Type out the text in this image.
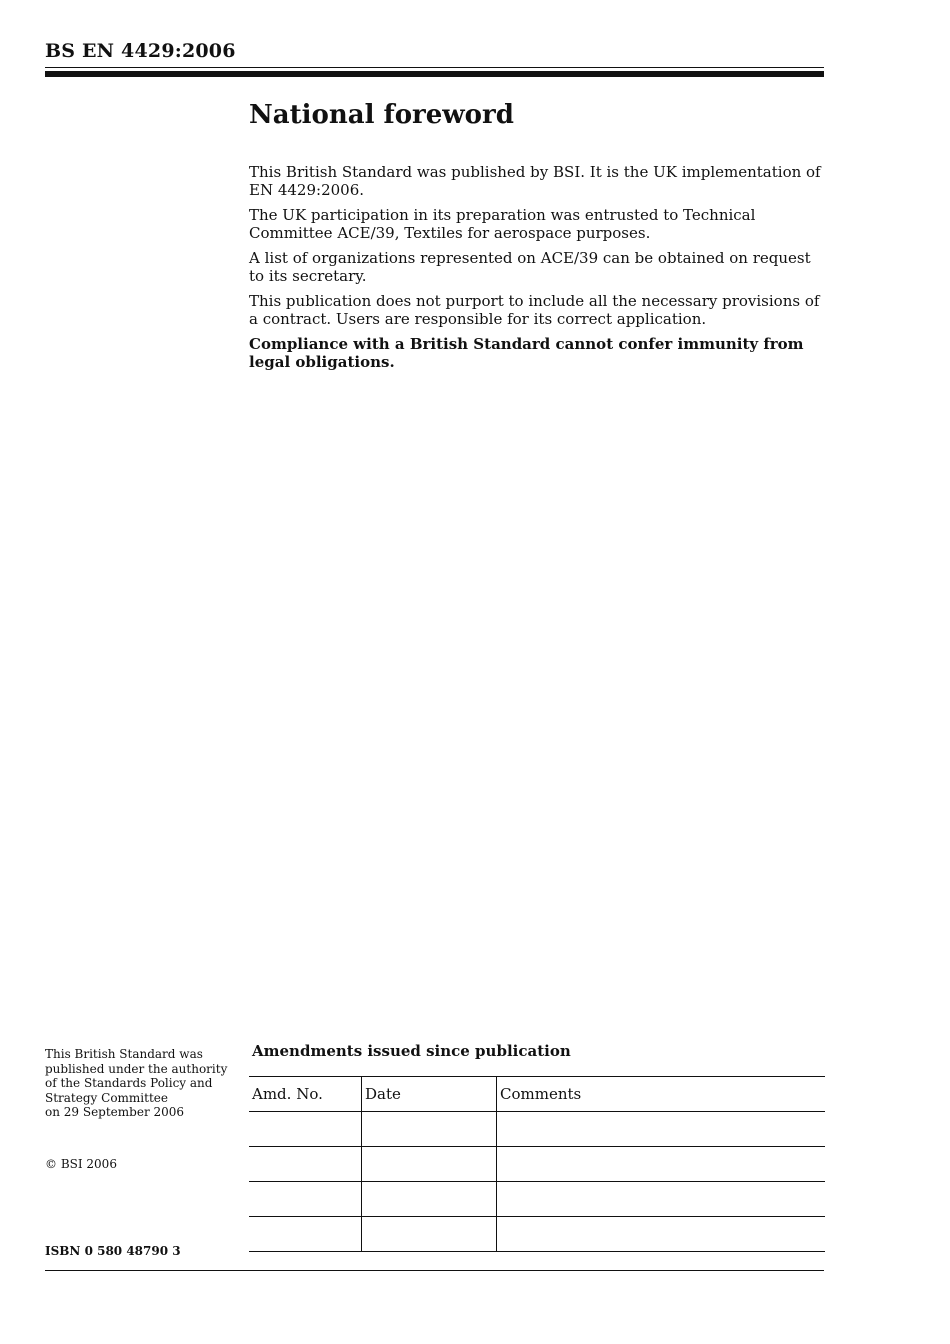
BS EN 4429:2006
National foreword

This British Standard was published by BSI. It is the UK implementation of EN 4429:2006.

The UK participation in its preparation was entrusted to Technical Committee ACE/39, Textiles for aerospace purposes.

A list of organizations represented on ACE/39 can be obtained on request to its secretary.

This publication does not purport to include all the necessary provisions of a contract. Users are responsible for its correct application.

Compliance with a British Standard cannot confer immunity from legal obligations.

This British Standard was
published under the authority
of the Standards Policy and
Strategy Committee
on 29 September 2006
© BSI 2006
ISBN 0 580 48790 3
Amendments issued since publication
Amd. No.	Date	Comments
